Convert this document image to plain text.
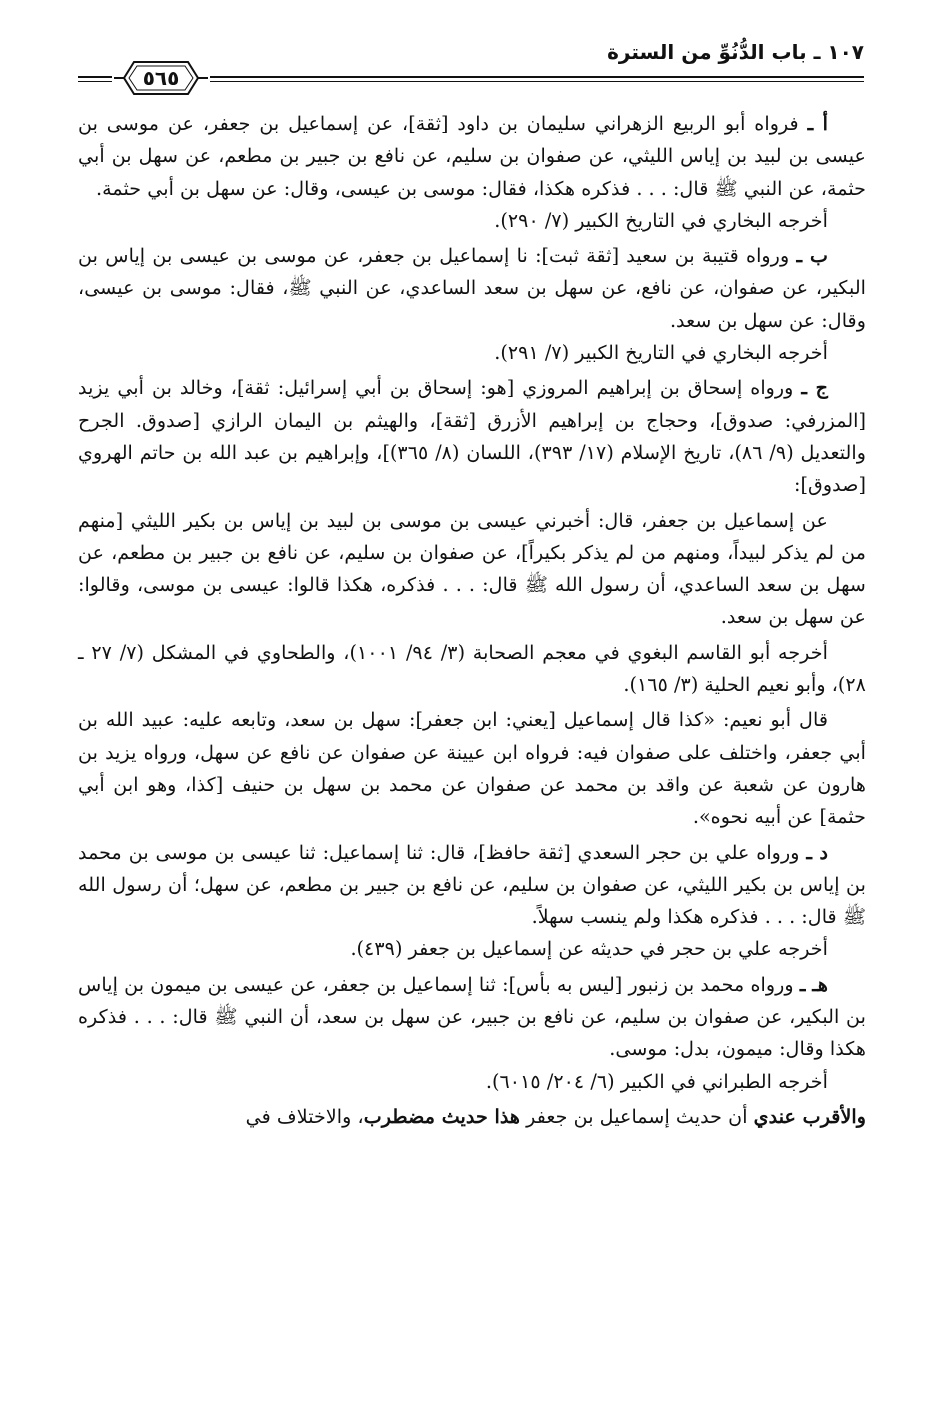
١٠٧ ـ باب الدُّنُوِّ من السترة
٥٦٥

أ ـ فرواه أبو الربيع الزهراني سليمان بن داود [ثقة]، عن إسماعيل بن جعفر، عن موسى بن عيسى بن لبيد بن إياس الليثي، عن صفوان بن سليم، عن نافع بن جبير بن مطعم، عن سهل بن أبي حثمة، عن النبي ﷺ قال: . . . فذكره هكذا، فقال: موسى بن عيسى، وقال: عن سهل بن أبي حثمة.

أخرجه البخاري في التاريخ الكبير (٧/ ٢٩٠).

ب ـ ورواه قتيبة بن سعيد [ثقة ثبت]: نا إسماعيل بن جعفر، عن موسى بن عيسى بن إياس بن البكير، عن صفوان، عن نافع، عن سهل بن سعد الساعدي، عن النبي ﷺ، فقال: موسى بن عيسى، وقال: عن سهل بن سعد.

أخرجه البخاري في التاريخ الكبير (٧/ ٢٩١).

ج ـ ورواه إسحاق بن إبراهيم المروزي [هو: إسحاق بن أبي إسرائيل: ثقة]، وخالد بن أبي يزيد [المزرفي: صدوق]، وحجاج بن إبراهيم الأزرق [ثقة]، والهيثم بن اليمان الرازي [صدوق. الجرح والتعديل (٩/ ٨٦)، تاريخ الإسلام (١٧/ ٣٩٣)، اللسان (٨/ ٣٦٥)]، وإبراهيم بن عبد الله بن حاتم الهروي [صدوق]:

عن إسماعيل بن جعفر، قال: أخبرني عيسى بن موسى بن لبيد بن إياس بن بكير الليثي [منهم من لم يذكر لبيداً، ومنهم من لم يذكر بكيراً]، عن صفوان بن سليم، عن نافع بن جبير بن مطعم، عن سهل بن سعد الساعدي، أن رسول الله ﷺ قال: . . . فذكره، هكذا قالوا: عيسى بن موسى، وقالوا: عن سهل بن سعد.

أخرجه أبو القاسم البغوي في معجم الصحابة (٣/ ٩٤/ ١٠٠١)، والطحاوي في المشكل (٧/ ٢٧ ـ ٢٨)، وأبو نعيم الحلية (٣/ ١٦٥).

قال أبو نعيم: «كذا قال إسماعيل [يعني: ابن جعفر]: سهل بن سعد، وتابعه عليه: عبيد الله بن أبي جعفر، واختلف على صفوان فيه: فرواه ابن عيينة عن صفوان عن نافع عن سهل، ورواه يزيد بن هارون عن شعبة عن واقد بن محمد عن صفوان عن محمد بن سهل بن حنيف [كذا، وهو ابن أبي حثمة] عن أبيه نحوه».

د ـ ورواه علي بن حجر السعدي [ثقة حافظ]، قال: ثنا إسماعيل: ثنا عيسى بن موسى بن محمد بن إياس بن بكير الليثي، عن صفوان بن سليم، عن نافع بن جبير بن مطعم، عن سهل؛ أن رسول الله ﷺ قال: . . . فذكره هكذا ولم ينسب سهلاً.

أخرجه علي بن حجر في حديثه عن إسماعيل بن جعفر (٤٣٩).

هـ ـ ورواه محمد بن زنبور [ليس به بأس]: ثنا إسماعيل بن جعفر، عن عيسى بن ميمون بن إياس بن البكير، عن صفوان بن سليم، عن نافع بن جبير، عن سهل بن سعد، أن النبي ﷺ قال: . . . فذكره هكذا وقال: ميمون، بدل: موسى.

أخرجه الطبراني في الكبير (٦/ ٢٠٤/ ٦٠١٥).

والأقرب عندي أن حديث إسماعيل بن جعفر هذا حديث مضطرب، والاختلاف في
